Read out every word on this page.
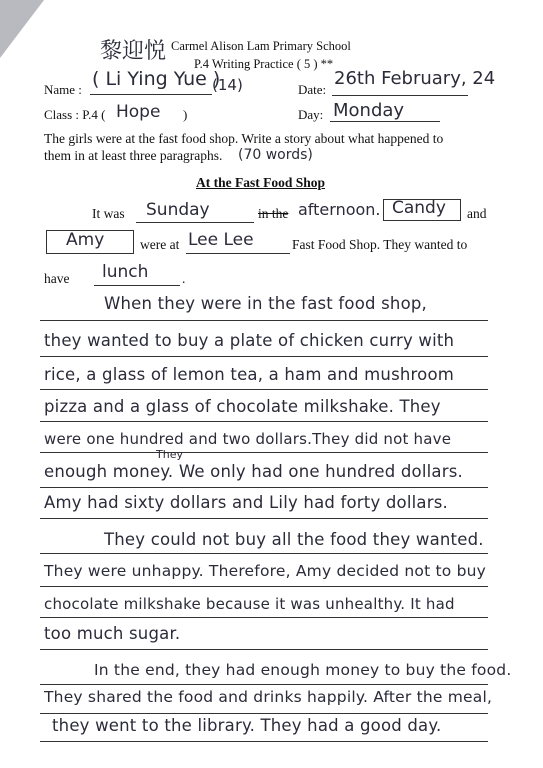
黎迎悦 Carmel Alison Lam Primary School
P.4 Writing Practice ( 5 ) **
Name : ( Li Ying Yue )
(14)	Date:
26th February, 24
Class : P.4 ( Hope )	Day: Monday
The girls were at the fast food shop. Write a story about what happened to
them in at least three paragraphs. (70 words)
At the Fast Food Shop
It was Sunday	in the afternoon. Candy and
Amy	were at Lee Lee	Fast Food Shop. They wanted to
have lunch .
When they were in the fast food shop,
they wanted to buy a plate of chicken curry with
rice, a glass of lemon tea, a ham and mushroom
pizza and a glass of chocolate milkshake. They
were one hundred and two dollars.They did not have
They
enough money. We only had one hundred dollars.
Amy had sixty dollars and Lily had forty dollars.
They could not buy all the food they wanted.
They were unhappy. Therefore, Amy decided not to buy
chocolate milkshake because it was unhealthy. It had
too much sugar.
In the end, they had enough money to buy the food.
They shared the food and drinks happily. After the meal,
they went to the library. They had a good day.
